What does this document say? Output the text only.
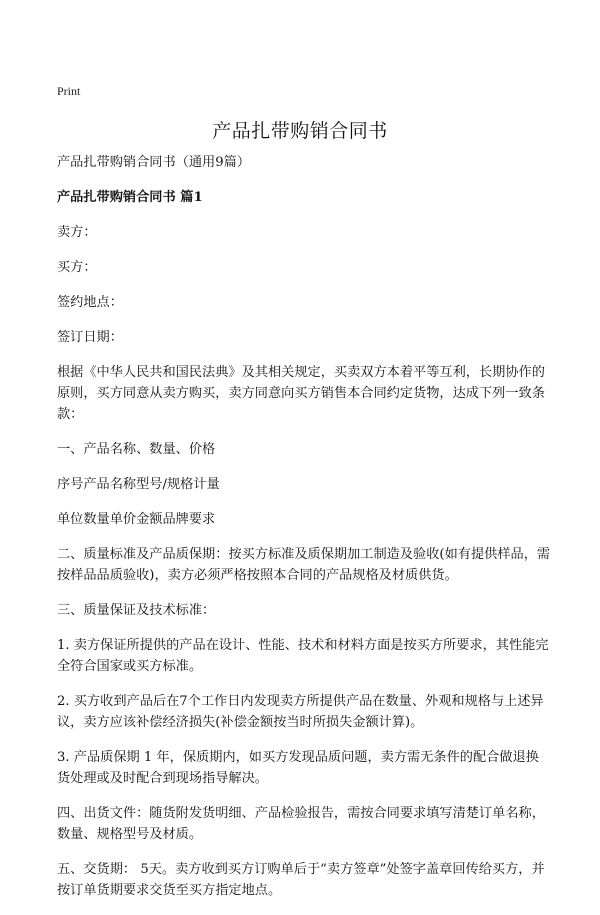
Print
产品扎带购销合同书

产品扎带购销合同书（通用9篇）

产品扎带购销合同书 篇1

卖方：

买方：

签约地点：

签订日期：

根据《中华人民共和国民法典》及其相关规定，买卖双方本着平等互利，长期协作的原则，买方同意从卖方购买，卖方同意向买方销售本合同约定货物，达成下列一致条款：

一、产品名称、数量、价格

序号产品名称型号/规格计量

单位数量单价金额品牌要求

二、质量标准及产品质保期：按买方标准及质保期加工制造及验收(如有提供样品，需按样品品质验收)，卖方必须严格按照本合同的产品规格及材质供货。

三、质量保证及技术标准：

1. 卖方保证所提供的产品在设计、性能、技术和材料方面是按买方所要求，其性能完全符合国家或买方标准。

2. 买方收到产品后在7个工作日内发现卖方所提供产品在数量、外观和规格与上述异议，卖方应该补偿经济损失(补偿金额按当时所损失金额计算)。

3. 产品质保期 1 年，保质期内，如买方发现品质问题，卖方需无条件的配合做退换货处理或及时配合到现场指导解决。

四、出货文件：随货附发货明细、产品检验报告，需按合同要求填写清楚订单名称，数量、规格型号及材质。

五、交货期： 5天。卖方收到买方订购单后于“卖方签章”处签字盖章回传给买方，并按订单货期要求交货至买方指定地点。
